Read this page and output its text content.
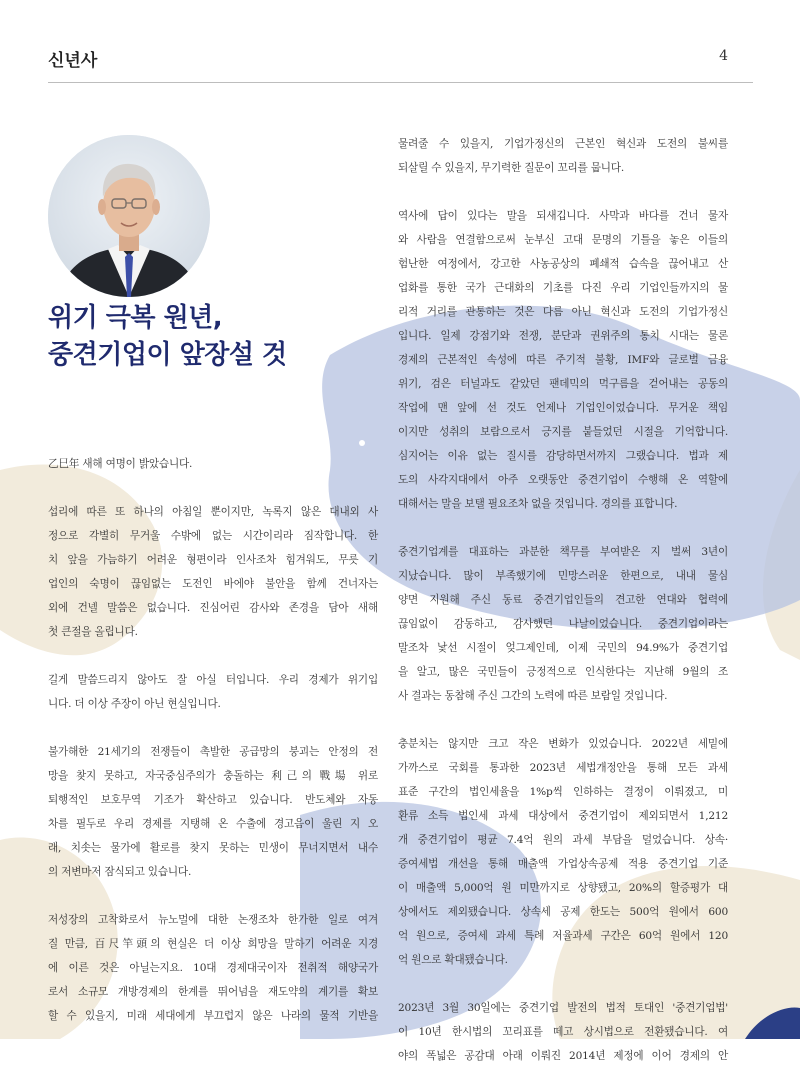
신년사	4
위기 극복 원년,
중견기업이 앞장설 것

乙巳年 새해 여명이 밝았습니다.

섭리에 따른 또 하나의 아침일 뿐이지만, 녹록지 않은 대내외 사
정으로 각별히 무거울 수밖에 없는 시간이리라 짐작합니다. 한
치 앞을 가늠하기 어려운 형편이라 인사조차 힘겨워도, 무릇 기
업인의 숙명이 끊임없는 도전인 바에야 불안을 함께 건너자는
외에 건넬 말씀은 없습니다. 진심어린 감사와 존경을 담아 새해
첫 큰절을 올립니다.

길게 말씀드리지 않아도 잘 아실 터입니다. 우리 경제가 위기입
니다. 더 이상 주장이 아닌 현실입니다.

불가해한 21세기의 전쟁들이 촉발한 공급망의 붕괴는 안정의 전
망을 찾지 못하고, 자국중심주의가 충돌하는 利己의 戰場 위로
퇴행적인 보호무역 기조가 확산하고 있습니다. 반도체와 자동
차를 필두로 우리 경제를 지탱해 온 수출에 경고음이 울린 지 오
래, 치솟는 물가에 활로를 찾지 못하는 민생이 무너지면서 내수
의 저변마저 잠식되고 있습니다.

저성장의 고착화로서 뉴노멀에 대한 논쟁조차 한가한 일로 여겨
질 만큼, 百尺竿頭의 현실은 더 이상 희망을 말하기 어려운 지경
에 이른 것은 아닐는지요. 10대 경제대국이자 전취적 해양국가
로서 소규모 개방경제의 한계를 뛰어넘을 재도약의 계기를 확보
할 수 있을지, 미래 세대에게 부끄럽지 않은 나라의 물적 기반을

물려줄 수 있을지, 기업가정신의 근본인 혁신과 도전의 불씨를
되살릴 수 있을지, 무기력한 질문이 꼬리를 뭅니다.

역사에 답이 있다는 말을 되새깁니다. 사막과 바다를 건너 물자
와 사람을 연결함으로써 눈부신 고대 문명의 기틀을 놓은 이들의
험난한 여정에서, 강고한 사농공상의 폐쇄적 습속을 끊어내고 산
업화를 통한 국가 근대화의 기초를 다진 우리 기업인들까지의 물
리적 거리를 관통하는 것은 다름 아닌 혁신과 도전의 기업가정신
입니다. 일제 강점기와 전쟁, 분단과 권위주의 통치 시대는 물론
경제의 근본적인 속성에 따른 주기적 불황, IMF와 글로벌 금융
위기, 검은 터널과도 같았던 팬데믹의 먹구름을 걷어내는 공동의
작업에 맨 앞에 선 것도 언제나 기업인이었습니다. 무거운 책임
이지만 성취의 보람으로서 긍지를 붙들었던 시절을 기억합니다.
심지어는 이유 없는 질시를 감당하면서까지 그랬습니다. 법과 제
도의 사각지대에서 아주 오랫동안 중견기업이 수행해 온 역할에
대해서는 말을 보탤 필요조차 없을 것입니다. 경의를 표합니다.

중견기업계를 대표하는 과분한 책무를 부여받은 지 벌써 3년이
지났습니다. 많이 부족했기에 민망스러운 한편으로, 내내 물심
양면 지원해 주신 동료 중견기업인들의 견고한 연대와 협력에
끊임없이 감동하고, 감사했던 나날이었습니다. 중견기업이라는
말조차 낯선 시절이 엊그제인데, 이제 국민의 94.9%가 중견기업
을 알고, 많은 국민들이 긍정적으로 인식한다는 지난해 9월의 조
사 결과는 동참해 주신 그간의 노력에 따른 보람일 것입니다.

충분치는 않지만 크고 작은 변화가 있었습니다. 2022년 세밑에
가까스로 국회를 통과한 2023년 세법개정안을 통해 모든 과세
표준 구간의 법인세율을 1%p씩 인하하는 결정이 이뤄졌고, 미
환류 소득 법인세 과세 대상에서 중견기업이 제외되면서 1,212
개 중견기업이 평균 7.4억 원의 과세 부담을 덜었습니다. 상속·
증여세법 개선을 통해 매출액 가업상속공제 적용 중견기업 기준
이 매출액 5,000억 원 미만까지로 상향됐고, 20%의 할증평가 대
상에서도 제외됐습니다. 상속세 공제 한도는 500억 원에서 600
억 원으로, 증여세 과세 특례 저율과세 구간은 60억 원에서 120
억 원으로 확대됐습니다.

2023년 3월 30일에는 중견기업 발전의 법적 토대인 '중견기업법'
이 10년 한시법의 꼬리표를 떼고 상시법으로 전환됐습니다. 여
야의 폭넓은 공감대 아래 이뤄진 2014년 제정에 이어 경제의 안
